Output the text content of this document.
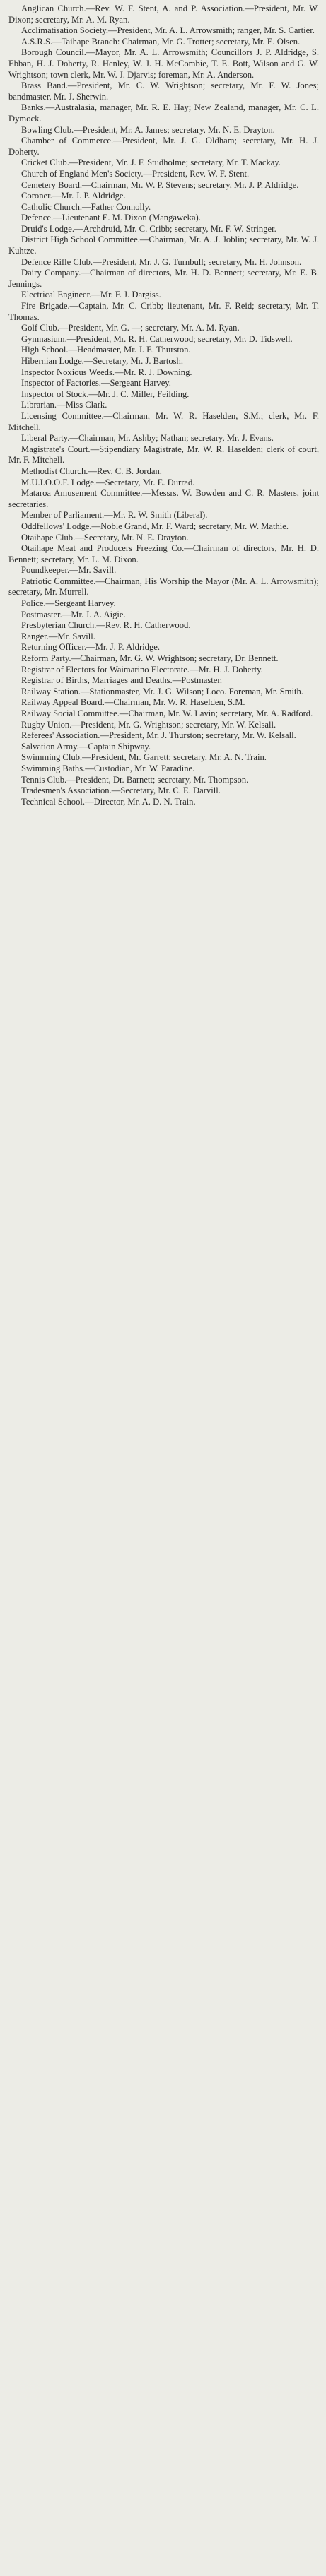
Anglican Church.—Rev. W. F. Stent, A. and P. Association.—President, Mr. W. Dixon; secretary, Mr. A. M. Ryan.

Acclimatisation Society.—President, Mr. A. L. Arrowsmith; ranger, Mr. S. Cartier.

A.S.R.S.—Taihape Branch: Chairman, Mr. G. Trotter; secretary, Mr. E. Olsen.

Borough Council.—Mayor, Mr. A. L. Arrowsmith; Councillors J. P. Aldridge, S. Ebban, H. J. Doherty, R. Henley, W. J. H. McCombie, T. E. Bott, Wilson and G. W. Wrightson; town clerk, Mr. W. J. Djarvis; foreman, Mr. A. Anderson.

Brass Band.—President, Mr. C. W. Wrightson; secretary, Mr. F. W. Jones; bandmaster, Mr. J. Sherwin.

Banks.—Australasia, manager, Mr. R. E. Hay; New Zealand, manager, Mr. C. L. Dymock.

Bowling Club.—President, Mr. A. James; secretary, Mr. N. E. Drayton.

Chamber of Commerce.—President, Mr. J. G. Oldham; secretary, Mr. H. J. Doherty.

Cricket Club.—President, Mr. J. F. Studholme; secretary, Mr. T. Mackay.

Church of England Men's Society.—President, Rev. W. F. Stent.

Cemetery Board.—Chairman, Mr. W. P. Stevens; secretary, Mr. J. P. Aldridge.

Coroner.—Mr. J. P. Aldridge.

Catholic Church.—Father Connolly.

Defence.—Lieutenant E. M. Dixon (Mangaweka).

Druid's Lodge.—Archdruid, Mr. C. Cribb; secretary, Mr. F. W. Stringer.

District High School Committee.—Chairman, Mr. A. J. Joblin; secretary, Mr. W. J. Kuhtze.

Defence Rifle Club.—President, Mr. J. G. Turnbull; secretary, Mr. H. Johnson.

Dairy Company.—Chairman of directors, Mr. H. D. Bennett; secretary, Mr. E. B. Jennings.

Electrical Engineer.—Mr. F. J. Dargiss.

Fire Brigade.—Captain, Mr. C. Cribb; lieutenant, Mr. F. Reid; secretary, Mr. T. Thomas.

Golf Club.—President, Mr. G. —; secretary, Mr. A. M. Ryan.

Gymnasium.—President, Mr. R. H. Catherwood; secretary, Mr. D. Tidswell.

High School.—Headmaster, Mr. J. E. Thurston.

Hibernian Lodge.—Secretary, Mr. J. Bartosh.

Inspector Noxious Weeds.—Mr. R. J. Downing.

Inspector of Factories.—Sergeant Harvey.

Inspector of Stock.—Mr. J. C. Miller, Feilding.

Librarian.—Miss Clark.

Licensing Committee.—Chairman, Mr. W. R. Haselden, S.M.; clerk, Mr. F. Mitchell.

Liberal Party.—Chairman, Mr. Ashby; Nathan; secretary, Mr. J. Evans.

Magistrate's Court.—Stipendiary Magistrate, Mr. W. R. Haselden; clerk of court, Mr. F. Mitchell.

Methodist Church.—Rev. C. B. Jordan.

M.U.I.O.O.F. Lodge.—Secretary, Mr. E. Durrad.

Mataroa Amusement Committee.—Messrs. W. Bowden and C. R. Masters, joint secretaries.

Member of Parliament.—Mr. R. W. Smith (Liberal).

Oddfellows' Lodge.—Noble Grand, Mr. F. Ward; secretary, Mr. W. Mathie.

Otaihape Club.—Secretary, Mr. N. E. Drayton.

Otaihape Meat and Producers Freezing Co.—Chairman of directors, Mr. H. D. Bennett; secretary, Mr. L. M. Dixon.

Poundkeeper.—Mr. Savill.

Patriotic Committee.—Chairman, His Worship the Mayor (Mr. A. L. Arrowsmith); secretary, Mr. Murrell.

Police.—Sergeant Harvey.

Postmaster.—Mr. J. A. Aigie.

Presbyterian Church.—Rev. R. H. Catherwood.

Ranger.—Mr. Savill.

Returning Officer.—Mr. J. P. Aldridge.

Reform Party.—Chairman, Mr. G. W. Wrightson; secretary, Dr. Bennett.

Registrar of Electors for Waimarino Electorate.—Mr. H. J. Doherty.

Registrar of Births, Marriages and Deaths.—Postmaster.

Railway Station.—Stationmaster, Mr. J. G. Wilson; Loco. Foreman, Mr. Smith.

Railway Appeal Board.—Chairman, Mr. W. R. Haselden, S.M.

Railway Social Committee.—Chairman, Mr. W. Lavin; secretary, Mr. A. Radford.

Rugby Union.—President, Mr. G. Wrightson; secretary, Mr. W. Kelsall.

Referees' Association.—President, Mr. J. Thurston; secretary, Mr. W. Kelsall.

Salvation Army.—Captain Shipway.

Swimming Club.—President, Mr. Garrett; secretary, Mr. A. N. Train.

Swimming Baths.—Custodian, Mr. W. Paradine.

Tennis Club.—President, Dr. Barnett; secretary, Mr. Thompson.

Tradesmen's Association.—Secretary, Mr. C. E. Darvill.

Technical School.—Director, Mr. A. D. N. Train.
